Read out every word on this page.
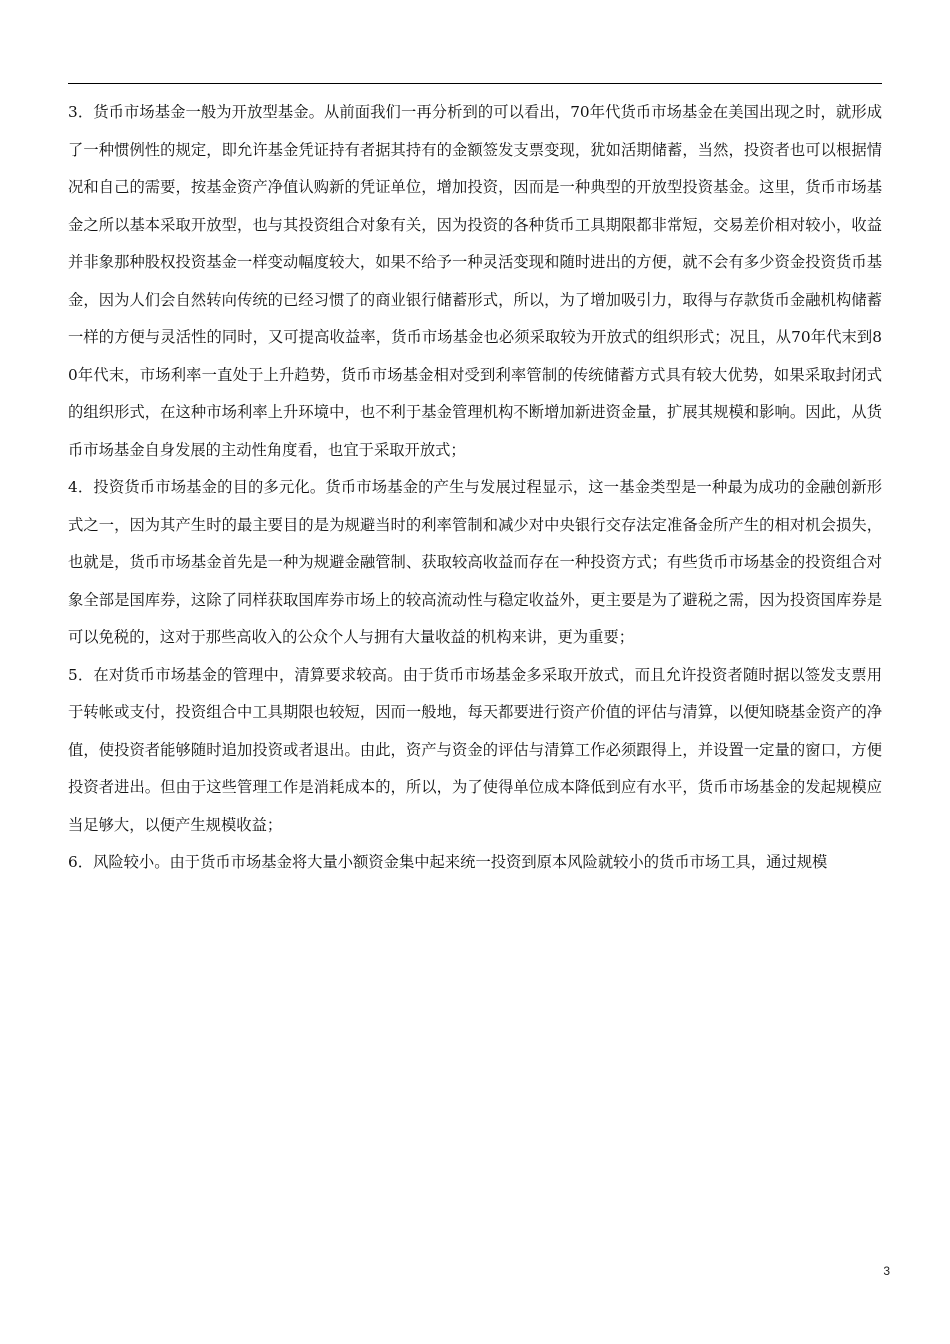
3．货币市场基金一般为开放型基金。从前面我们一再分析到的可以看出，70年代货币市场基金在美国出现之时，就形成了一种惯例性的规定，即允许基金凭证持有者据其持有的金额签发支票变现，犹如活期储蓄，当然，投资者也可以根据情况和自己的需要，按基金资产净值认购新的凭证单位，增加投资，因而是一种典型的开放型投资基金。这里，货币市场基金之所以基本采取开放型，也与其投资组合对象有关，因为投资的各种货币工具期限都非常短，交易差价相对较小，收益并非象那种股权投资基金一样变动幅度较大，如果不给予一种灵活变现和随时进出的方便，就不会有多少资金投资货币基金，因为人们会自然转向传统的已经习惯了的商业银行储蓄形式，所以，为了增加吸引力，取得与存款货币金融机构储蓄一样的方便与灵活性的同时，又可提高收益率，货币市场基金也必须采取较为开放式的组织形式；况且，从70年代末到80年代末，市场利率一直处于上升趋势，货币市场基金相对受到利率管制的传统储蓄方式具有较大优势，如果采取封闭式的组织形式，在这种市场利率上升环境中，也不利于基金管理机构不断增加新进资金量，扩展其规模和影响。因此，从货币市场基金自身发展的主动性角度看，也宜于采取开放式；

4．投资货币市场基金的目的多元化。货币市场基金的产生与发展过程显示，这一基金类型是一种最为成功的金融创新形式之一，因为其产生时的最主要目的是为规避当时的利率管制和减少对中央银行交存法定准备金所产生的相对机会损失，也就是，货币市场基金首先是一种为规避金融管制、获取较高收益而存在一种投资方式；有些货币市场基金的投资组合对象全部是国库券，这除了同样获取国库券市场上的较高流动性与稳定收益外，更主要是为了避税之需，因为投资国库券是可以免税的，这对于那些高收入的公众个人与拥有大量收益的机构来讲，更为重要；

5．在对货币市场基金的管理中，清算要求较高。由于货币市场基金多采取开放式，而且允许投资者随时据以签发支票用于转帐或支付，投资组合中工具期限也较短，因而一般地，每天都要进行资产价值的评估与清算，以便知晓基金资产的净值，使投资者能够随时追加投资或者退出。由此，资产与资金的评估与清算工作必须跟得上，并设置一定量的窗口，方便投资者进出。但由于这些管理工作是消耗成本的，所以，为了使得单位成本降低到应有水平，货币市场基金的发起规模应当足够大，以便产生规模收益；

6．风险较小。由于货币市场基金将大量小额资金集中起来统一投资到原本风险就较小的货币市场工具，通过规模

3
